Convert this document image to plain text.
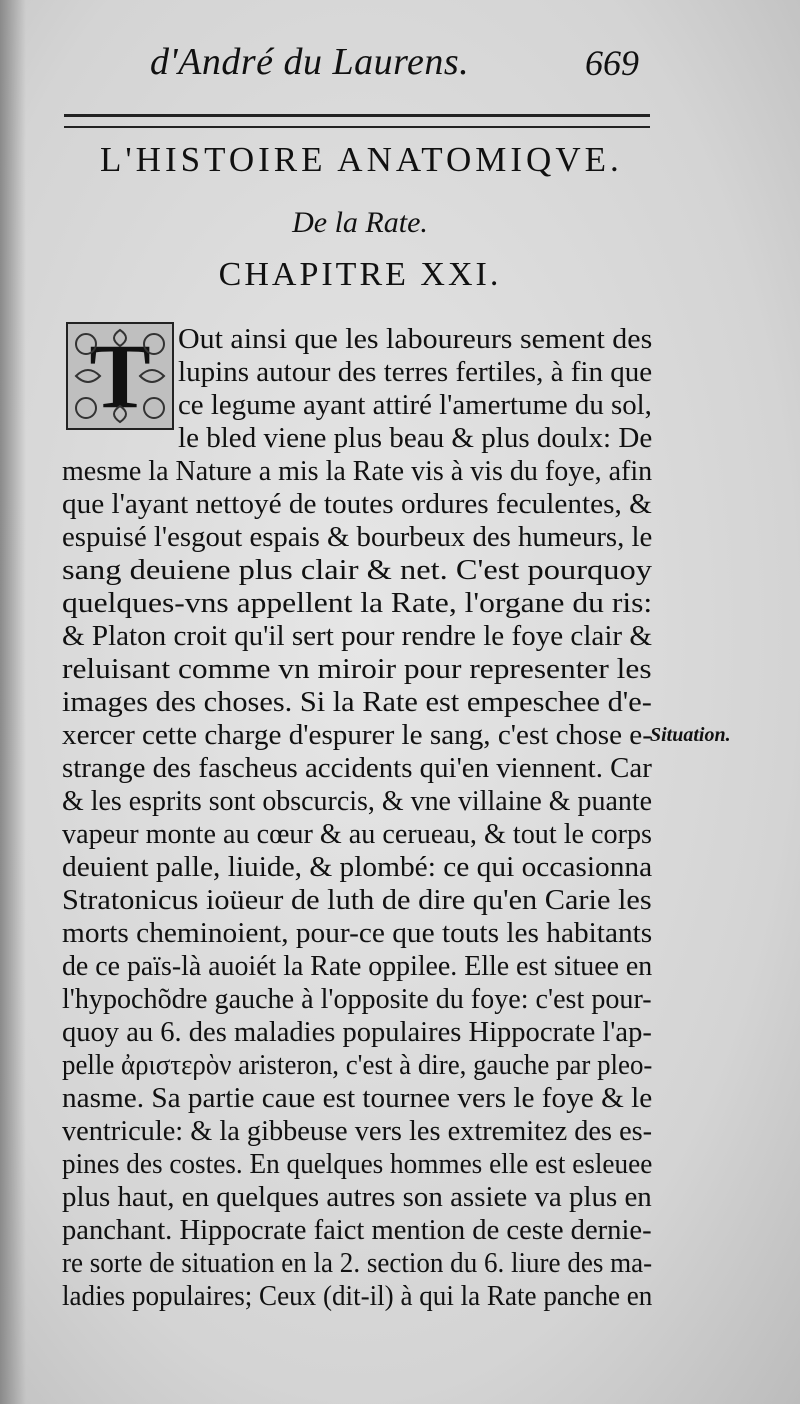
d'André du Laurens.	669
L'HISTOIRE ANATOMIQVE.
De la Rate.
CHAPITRE XXI.
T
Situation.
Out ainsi que les laboureurs sement des
lupins autour des terres fertiles, à fin que
ce legume ayant attiré l'amertume du sol,
le bled viene plus beau & plus doulx: De
mesme la Nature a mis la Rate vis à vis du foye, afin
que l'ayant nettoyé de toutes ordures feculentes, &
espuisé l'esgout espais & bourbeux des humeurs, le
sang deuiene plus clair & net. C'est pourquoy
quelques-vns appellent la Rate, l'organe du ris:
& Platon croit qu'il sert pour rendre le foye clair &
reluisant comme vn miroir pour representer les
images des choses. Si la Rate est empeschee d'e-
xercer cette charge d'espurer le sang, c'est chose e-
strange des fascheus accidents qui'en viennent. Car
& les esprits sont obscurcis, & vne villaine & puante
vapeur monte au cœur & au cerueau, & tout le corps
deuient palle, liuide, & plombé: ce qui occasionna
Stratonicus ioüeur de luth de dire qu'en Carie les
morts cheminoient, pour-ce que touts les habitants
de ce païs-là auoiét la Rate oppilee. Elle est situee en
l'hypochõdre gauche à l'opposite du foye: c'est pour-
quoy au 6. des maladies populaires Hippocrate l'ap-
pelle ἀριστερὸν aristeron, c'est à dire, gauche par pleo-
nasme. Sa partie caue est tournee vers le foye & le
ventricule: & la gibbeuse vers les extremitez des es-
pines des costes. En quelques hommes elle est esleuee
plus haut, en quelques autres son assiete va plus en
panchant. Hippocrate faict mention de ceste dernie-
re sorte de situation en la 2. section du 6. liure des ma-
ladies populaires; Ceux (dit-il) à qui la Rate panche en
